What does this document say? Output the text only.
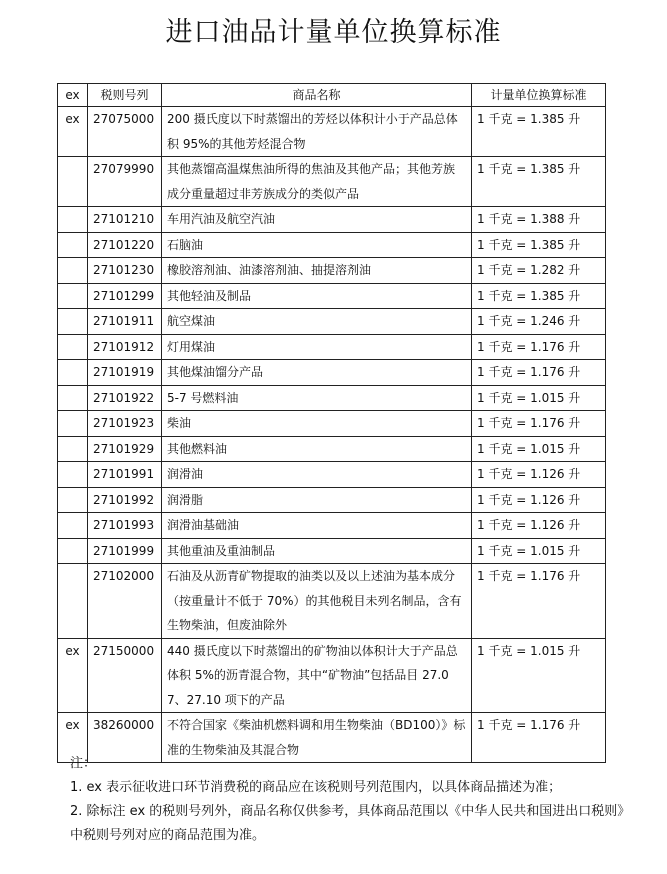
进口油品计量单位换算标准
ex	税则号列	商品名称	计量单位换算标准
ex	27075000	200 摄氏度以下时蒸馏出的芳烃以体积计小于产品总体积 95%的其他芳烃混合物	1 千克 = 1.385 升
	27079990	其他蒸馏高温煤焦油所得的焦油及其他产品；其他芳族成分重量超过非芳族成分的类似产品	1 千克 = 1.385 升
	27101210	车用汽油及航空汽油	1 千克 = 1.388 升
	27101220	石脑油	1 千克 = 1.385 升
	27101230	橡胶溶剂油、油漆溶剂油、抽提溶剂油	1 千克 = 1.282 升
	27101299	其他轻油及制品	1 千克 = 1.385 升
	27101911	航空煤油	1 千克 = 1.246 升
	27101912	灯用煤油	1 千克 = 1.176 升
	27101919	其他煤油馏分产品	1 千克 = 1.176 升
	27101922	5-7 号燃料油	1 千克 = 1.015 升
	27101923	柴油	1 千克 = 1.176 升
	27101929	其他燃料油	1 千克 = 1.015 升
	27101991	润滑油	1 千克 = 1.126 升
	27101992	润滑脂	1 千克 = 1.126 升
	27101993	润滑油基础油	1 千克 = 1.126 升
	27101999	其他重油及重油制品	1 千克 = 1.015 升
	27102000	石油及从沥青矿物提取的油类以及以上述油为基本成分（按重量计不低于 70%）的其他税目未列名制品，含有生物柴油，但废油除外	1 千克 = 1.176 升
ex	27150000	440 摄氏度以下时蒸馏出的矿物油以体积计大于产品总体积 5%的沥青混合物，其中“矿物油”包括品目 27.07、27.10 项下的产品	1 千克 = 1.015 升
ex	38260000	不符合国家《柴油机燃料调和用生物柴油（BD100）》标准的生物柴油及其混合物	1 千克 = 1.176 升

注：

1. ex 表示征收进口环节消费税的商品应在该税则号列范围内，以具体商品描述为准；

2. 除标注 ex 的税则号列外，商品名称仅供参考，具体商品范围以《中华人民共和国进出口税则》中税则号列对应的商品范围为准。
